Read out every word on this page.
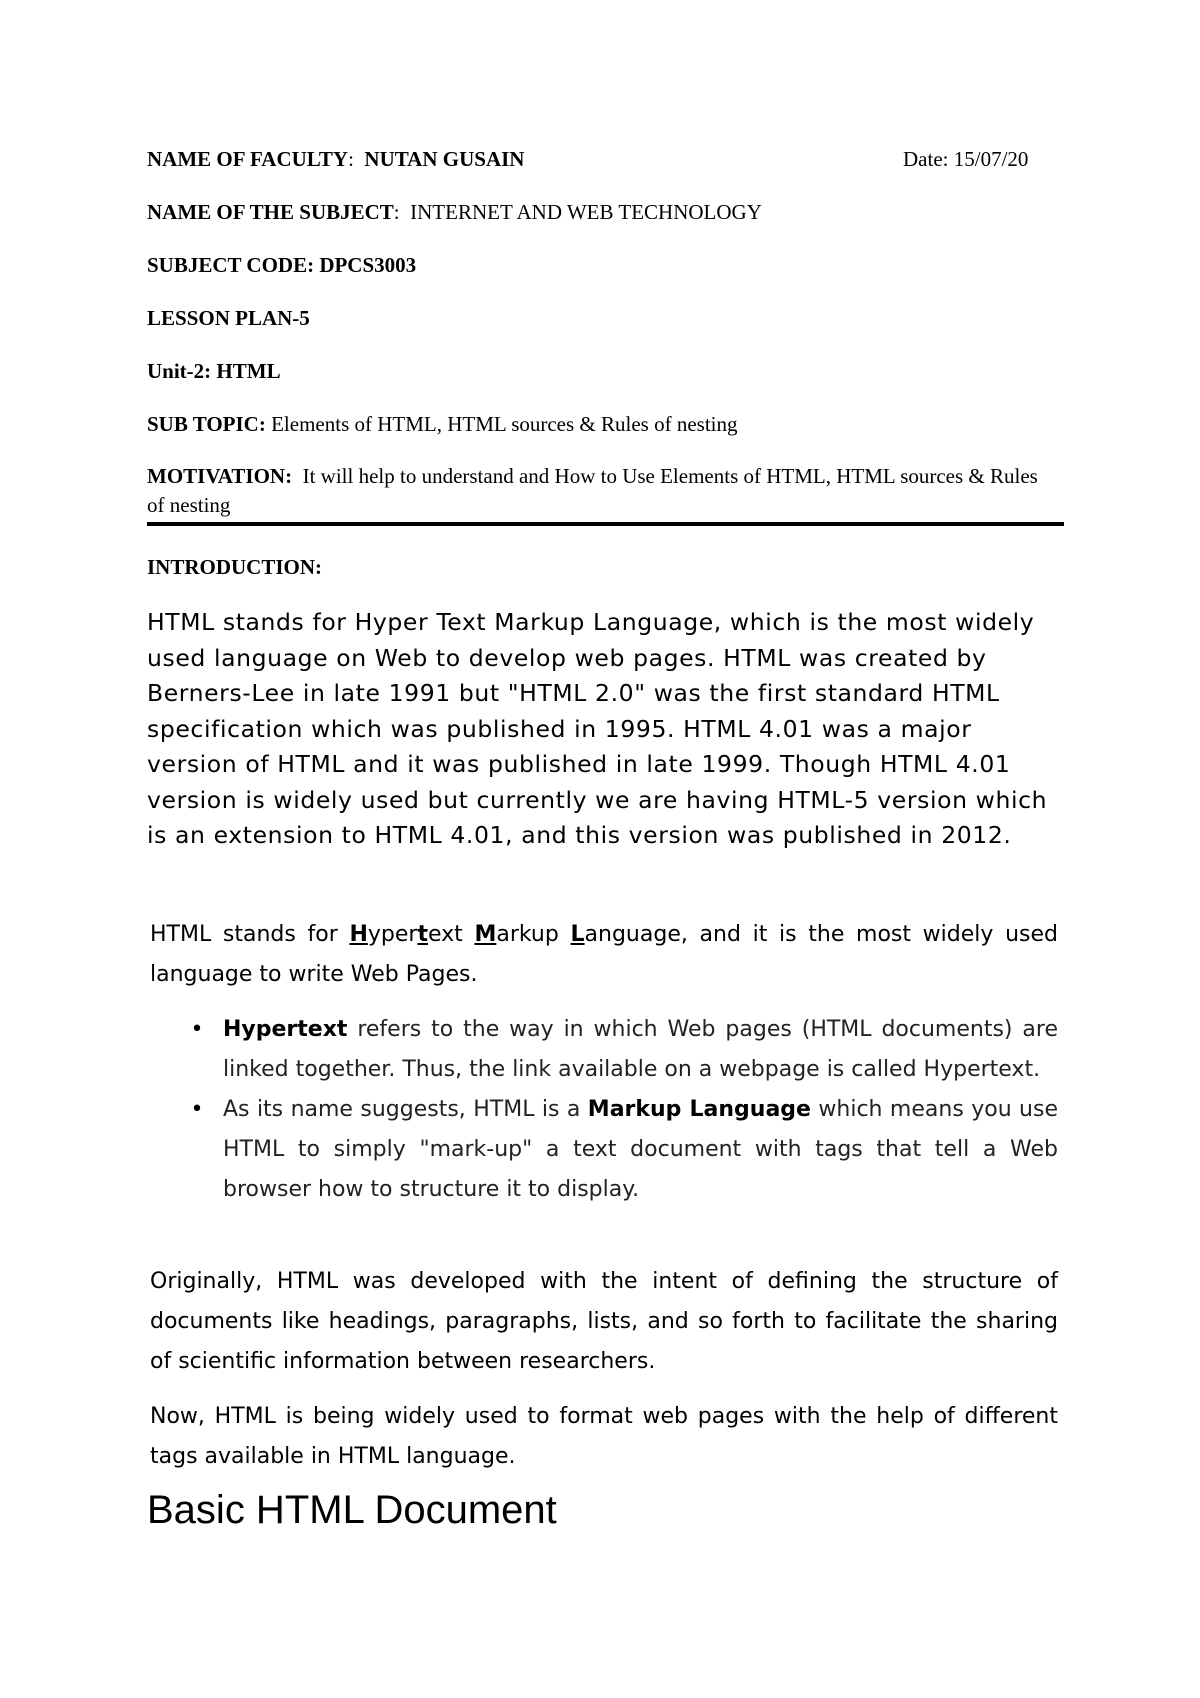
NAME OF FACULTY: NUTAN GUSAIN	Date: 15/07/20
NAME OF THE SUBJECT: INTERNET AND WEB TECHNOLOGY
SUBJECT CODE: DPCS3003
LESSON PLAN-5
Unit-2: HTML
SUB TOPIC: Elements of HTML, HTML sources & Rules of nesting
MOTIVATION: It will help to understand and How to Use Elements of HTML, HTML sources & Rules of nesting
INTRODUCTION:
HTML stands for Hyper Text Markup Language, which is the most widely used language on Web to develop web pages. HTML was created by Berners-Lee in late 1991 but "HTML 2.0" was the first standard HTML specification which was published in 1995. HTML 4.01 was a major version of HTML and it was published in late 1999. Though HTML 4.01 version is widely used but currently we are having HTML-5 version which is an extension to HTML 4.01, and this version was published in 2012.
HTML stands for Hypertext Markup Language, and it is the most widely used language to write Web Pages.
• Hypertext refers to the way in which Web pages (HTML documents) are linked together. Thus, the link available on a webpage is called Hypertext.
• As its name suggests, HTML is a Markup Language which means you use HTML to simply "mark-up" a text document with tags that tell a Web browser how to structure it to display.
Originally, HTML was developed with the intent of defining the structure of documents like headings, paragraphs, lists, and so forth to facilitate the sharing of scientific information between researchers.
Now, HTML is being widely used to format web pages with the help of different tags available in HTML language.
Basic HTML Document
